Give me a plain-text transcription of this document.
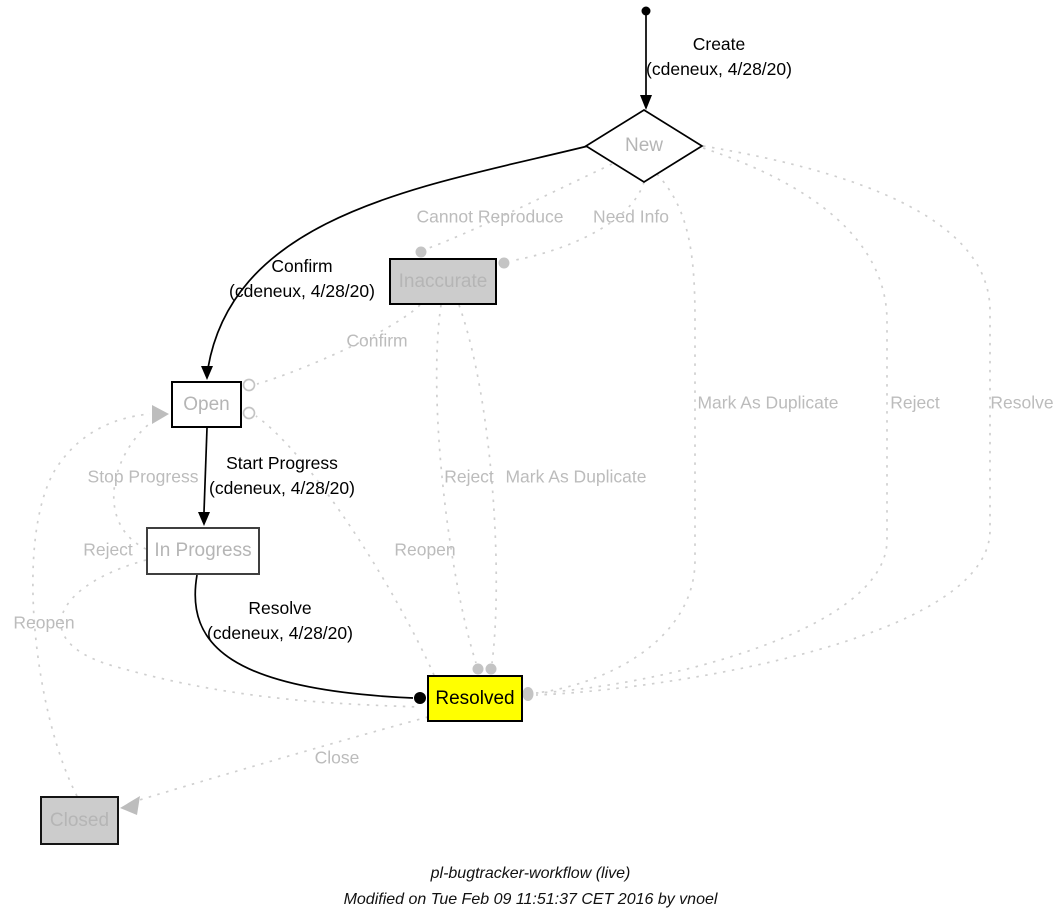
New
Inaccurate
Open
In Progress
Resolved
Closed
Create
(cdeneux, 4/28/20)
Confirm
(cdeneux, 4/28/20)
Start Progress
(cdeneux, 4/28/20)
Resolve
(cdeneux, 4/28/20)
Cannot Reproduce Need Info
Confirm
Stop Progress
Reject
Reopen
Reject Mark As Duplicate
Reopen
Mark As Duplicate	Reject	Resolve
Close
pl-bugtracker-workflow (live)
Modified on Tue Feb 09 11:51:37 CET 2016 by vnoel
